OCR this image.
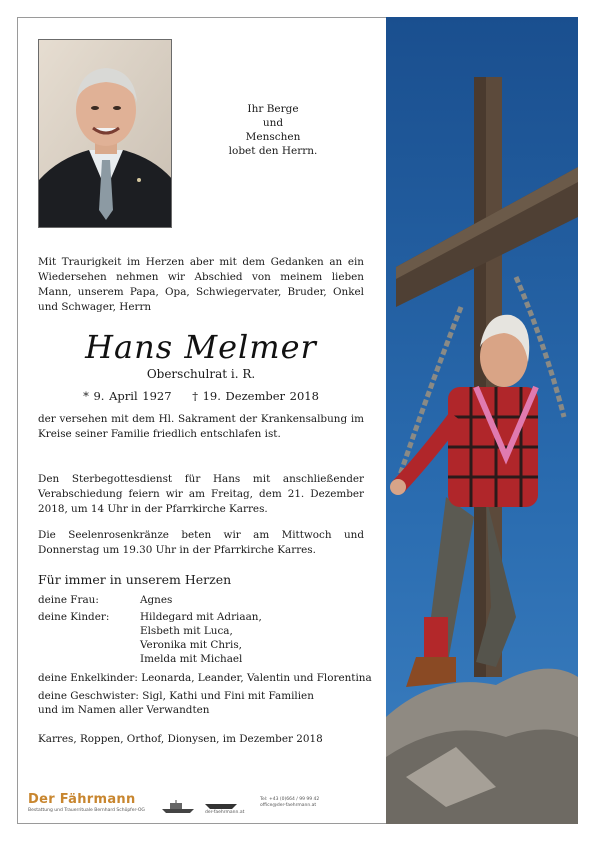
Ihr Berge
und
Menschen
lobet den Herrn.
Mit Traurigkeit im Herzen aber mit dem Gedanken an ein Wiedersehen nehmen wir Abschied von meinem lieben Mann, unserem Papa, Opa, Schwiegervater, Bruder, Onkel und Schwager, Herrn
Hans Melmer
Oberschulrat i. R.
* 9. April 1927 † 19. Dezember 2018
der versehen mit dem Hl. Sakrament der Krankensalbung im Kreise seiner Familie friedlich entschlafen ist.
Den Sterbegottesdienst für Hans mit anschließender Verabschiedung feiern wir am Freitag, dem 21. Dezember 2018, um 14 Uhr in der Pfarrkirche Karres.
Die Seelenrosenkränze beten wir am Mittwoch und Donnerstag um 19.30 Uhr in der Pfarrkirche Karres.
Für immer in unserem Herzen
deine Frau:	Agnes
deine Kinder:	Hildegard mit Adriaan,
Elsbeth mit Luca,
Veronika mit Chris,
Imelda mit Michael
deine Enkelkinder: Leonarda, Leander, Valentin und Florentina
deine Geschwister: Sigl, Kathi und Fini mit Familien
und im Namen aller Verwandten
Karres, Roppen, Orthof, Dionysen, im Dezember 2018
Der Fährmann
Bestattung und Trauerrituale Bernhard Schöpfer-OG	der-faehrmann.at
Tel: +43 (0)664 / 99 99 42
office@der-faehrmann.at
